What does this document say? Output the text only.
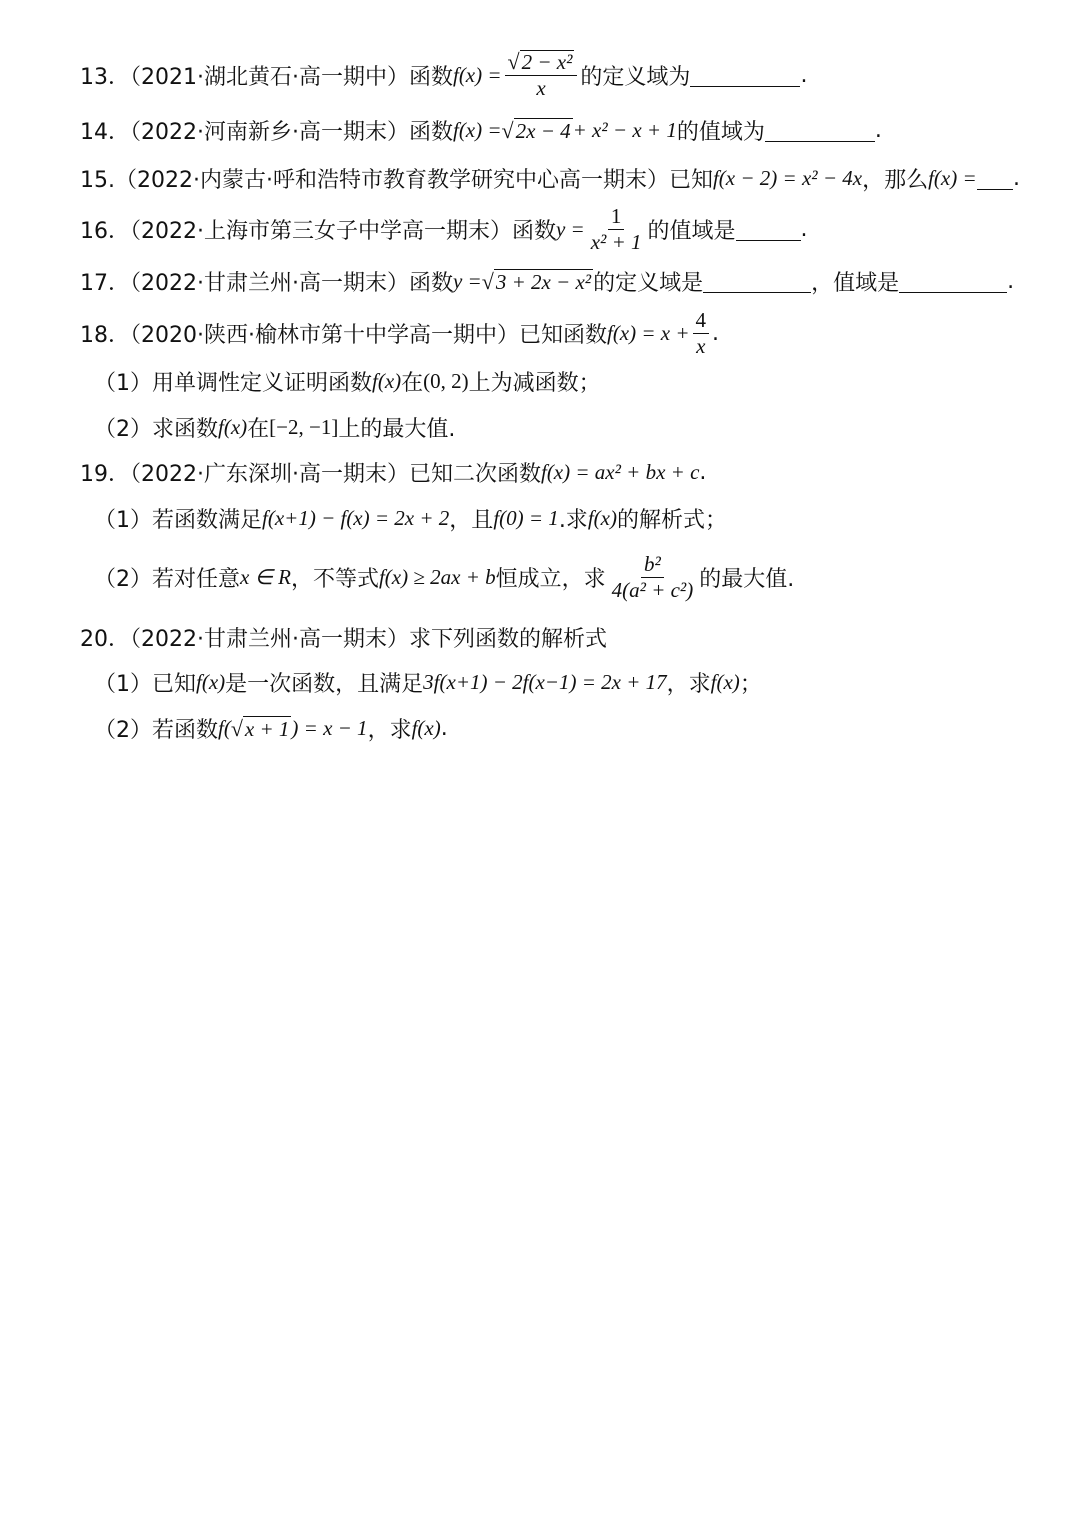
13．（2021·湖北黄石·高一期中）函数 $f(x) = \frac{\text{√ 2 − x²}}{x}$ 的定义域为	.
14．（2022·河南新乡·高一期末）函数 f(x) = √ 2x − 4 + x² − x + 1 的值域为	.
15.（2022·内蒙古·呼和浩特市教育教学研究中心高一期末）已知 f(x − 2) = x² − 4x ，那么 f(x) = .
16．（2022·上海市第三女子中学高一期末）函数 $y = \frac{1}{\text{x² + 1}}$ 的值域是	.
17．（2022·甘肃兰州·高一期末）函数 y = √ 3 + 2x − x² 的定义域是	，值域是	.
18．（2020·陕西·榆林市第十中学高一期中）已知函数 $f(x) = x + \frac{4}{x}$ .
（1）用单调性定义证明函数 f(x) 在 (0, 2) 上为减函数；
（2）求函数 f(x) 在 [−2, −1] 上的最大值.
19．（2022·广东深圳·高一期末）已知二次函数 f(x) = ax² + bx + c .
（1）若函数满足 f(x+1) − f(x) = 2x + 2 ，且 f(0) = 1 .求 f(x) 的解析式；
（2）若对任意 x ∈ R ，不等式 f(x) ≥ 2ax + b 恒成立，求 $\frac{\text{b²}}{\text{4(a² + c²)}}$ 的最大值.
20．（2022·甘肃兰州·高一期末）求下列函数的解析式
（1）已知 f(x) 是一次函数，且满足 3f(x+1) − 2f(x−1) = 2x + 17 ，求 f(x) ；
（2）若函数 f( √ x + 1 ) = x − 1 ，求 f(x) .
